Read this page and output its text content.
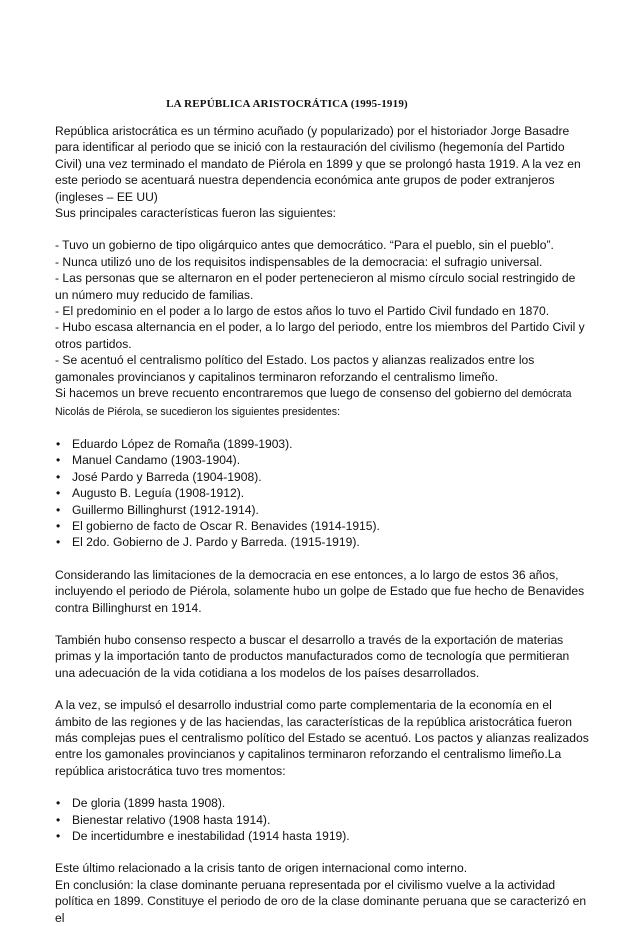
LA REPÚBLICA ARISTOCRÁTICA (1995-1919)

República aristocrática es un término acuñado (y popularizado) por el historiador Jorge Basadre para identificar al periodo que se inició con la restauración del civilismo (hegemonía del Partido Civil) una vez terminado el mandato de Piérola en 1899 y que se prolongó hasta 1919. A la vez en este periodo se acentuará nuestra dependencia económica ante grupos de poder extranjeros (ingleses – EE UU)

Sus principales características fueron las siguientes:

- Tuvo un gobierno de tipo oligárquico antes que democrático. “Para el pueblo, sin el pueblo”.

- Nunca utilizó uno de los requisitos indispensables de la democracia: el sufragio universal.

- Las personas que se alternaron en el poder pertenecieron al mismo círculo social restringido de un número muy reducido de familias.

- El predominio en el poder a lo largo de estos años lo tuvo el Partido Civil fundado en 1870.

- Hubo escasa alternancia en el poder, a lo largo del periodo, entre los miembros del Partido Civil y otros partidos.

- Se acentuó el centralismo político del Estado. Los pactos y alianzas realizados entre los gamonales provincianos y capitalinos terminaron reforzando el centralismo limeño.

Si hacemos un breve recuento encontraremos que luego de consenso del gobierno del demócrata Nicolás de Piérola, se sucedieron los siguientes presidentes:

• Eduardo López de Romaña (1899-1903).
• Manuel Candamo (1903-1904).
• José Pardo y Barreda (1904-1908).
• Augusto B. Leguía (1908-1912).
• Guillermo Billinghurst (1912-1914).
• El gobierno de facto de Oscar R. Benavides (1914-1915).
• El 2do. Gobierno de J. Pardo y Barreda. (1915-1919).

Considerando las limitaciones de la democracia en ese entonces, a lo largo de estos 36 años, incluyendo el periodo de Piérola, solamente hubo un golpe de Estado que fue hecho de Benavides contra Billinghurst en 1914.

También hubo consenso respecto a buscar el desarrollo a través de la exportación de materias primas y la importación tanto de productos manufacturados como de tecnología que permitieran una adecuación de la vida cotidiana a los modelos de los países desarrollados.

A la vez, se impulsó el desarrollo industrial como parte complementaria de la economía en el ámbito de las regiones y de las haciendas, las características de la república aristocrática fueron más complejas pues el centralismo político del Estado se acentuó. Los pactos y alianzas realizados entre los gamonales provincianos y capitalinos terminaron reforzando el centralismo limeño.La república aristocrática tuvo tres momentos:

• De gloria (1899 hasta 1908).
• Bienestar relativo (1908 hasta 1914).
• De incertidumbre e inestabilidad (1914 hasta 1919).

Este último relacionado a la crisis tanto de origen internacional como interno.

En conclusión: la clase dominante peruana representada por el civilismo vuelve a la actividad política en 1899. Constituye el periodo de oro de la clase dominante peruana que se caracterizó en el
